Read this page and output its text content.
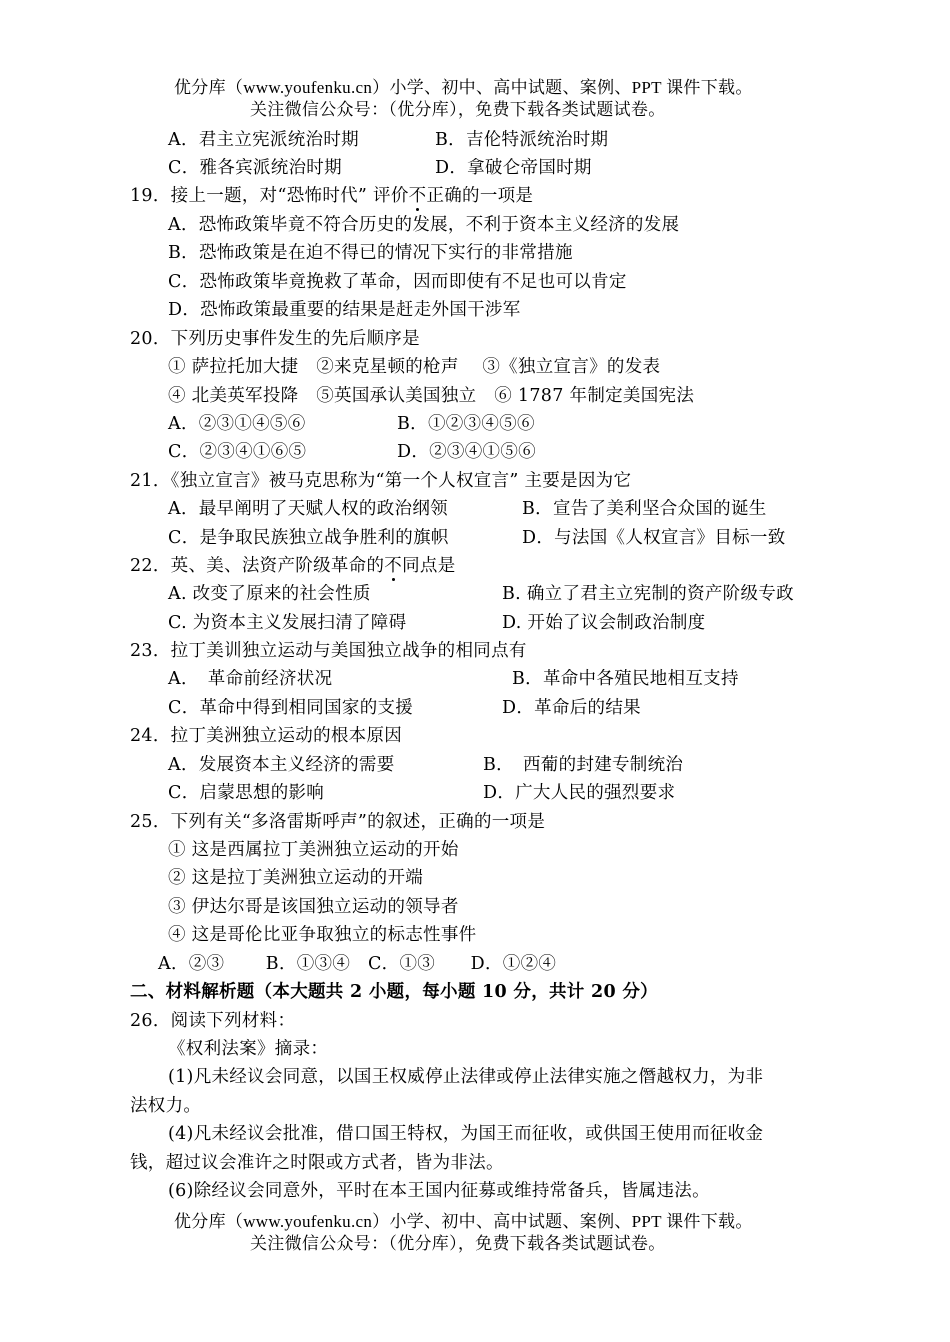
优分库（www.youfenku.cn）小学、初中、高中试题、案例、PPT 课件下载。
关注微信公众号：（优分库），免费下载各类试题试卷。
A．君主立宪派统治时期	B．吉伦特派统治时期
C．雅各宾派统治时期	D．拿破仑帝国时期
19．接上一题，对“恐怖时代” 评价不正确的一项是
A．恐怖政策毕竟不符合历史的发展，不利于资本主义经济的发展
B．恐怖政策是在迫不得已的情况下实行的非常措施
C．恐怖政策毕竟挽救了革命，因而即使有不足也可以肯定
D．恐怖政策最重要的结果是赶走外国干涉军
20．下列历史事件发生的先后顺序是
① 萨拉托加大捷　②来克星顿的枪声　 ③《独立宣言》的发表
④ 北美英军投降　⑤英国承认美国独立　⑥ 1787 年制定美国宪法
A．②③①④⑤⑥	B．①②③④⑤⑥
C．②③④①⑥⑤	D．②③④①⑤⑥
21．《独立宣言》被马克思称为“第一个人权宣言” 主要是因为它
A．最早阐明了天赋人权的政治纲领	B．宣告了美利坚合众国的诞生
C．是争取民族独立战争胜利的旗帜	D．与法国《人权宣言》目标一致
22．英、美、法资产阶级革命的不同点是
A. 改变了原来的社会性质	B. 确立了君主立宪制的资产阶级专政
C. 为资本主义发展扫清了障碍	D. 开始了议会制政治制度
23．拉丁美训独立运动与美国独立战争的相同点有
A．　革命前经济状况	B．革命中各殖民地相互支持
C．革命中得到相同国家的支援	D．革命后的结果
24．拉丁美洲独立运动的根本原因
A．发展资本主义经济的需要	B．　西葡的封建专制统治
C．启蒙思想的影响	D．广大人民的强烈要求
25．下列有关“多洛雷斯呼声”的叙述，正确的一项是
① 这是西属拉丁美洲独立运动的开始
② 这是拉丁美洲独立运动的开端
③ 伊达尔哥是该国独立运动的领导者
④ 这是哥伦比亚争取独立的标志性事件
A．②③　　 B．①③④　C．①③　　D．①②④
二、材料解析题（本大题共 2 小题，每小题 10 分，共计 20 分）
26．阅读下列材料：
《权利法案》摘录：
(1)凡未经议会同意，以国王权威停止法律或停止法律实施之僭越权力，为非
法权力。
(4)凡未经议会批准，借口国王特权，为国王而征收，或供国王使用而征收金
钱，超过议会准许之时限或方式者，皆为非法。
(6)除经议会同意外，平时在本王国内征募或维持常备兵，皆属违法。
优分库（www.youfenku.cn）小学、初中、高中试题、案例、PPT 课件下载。
关注微信公众号：（优分库），免费下载各类试题试卷。
